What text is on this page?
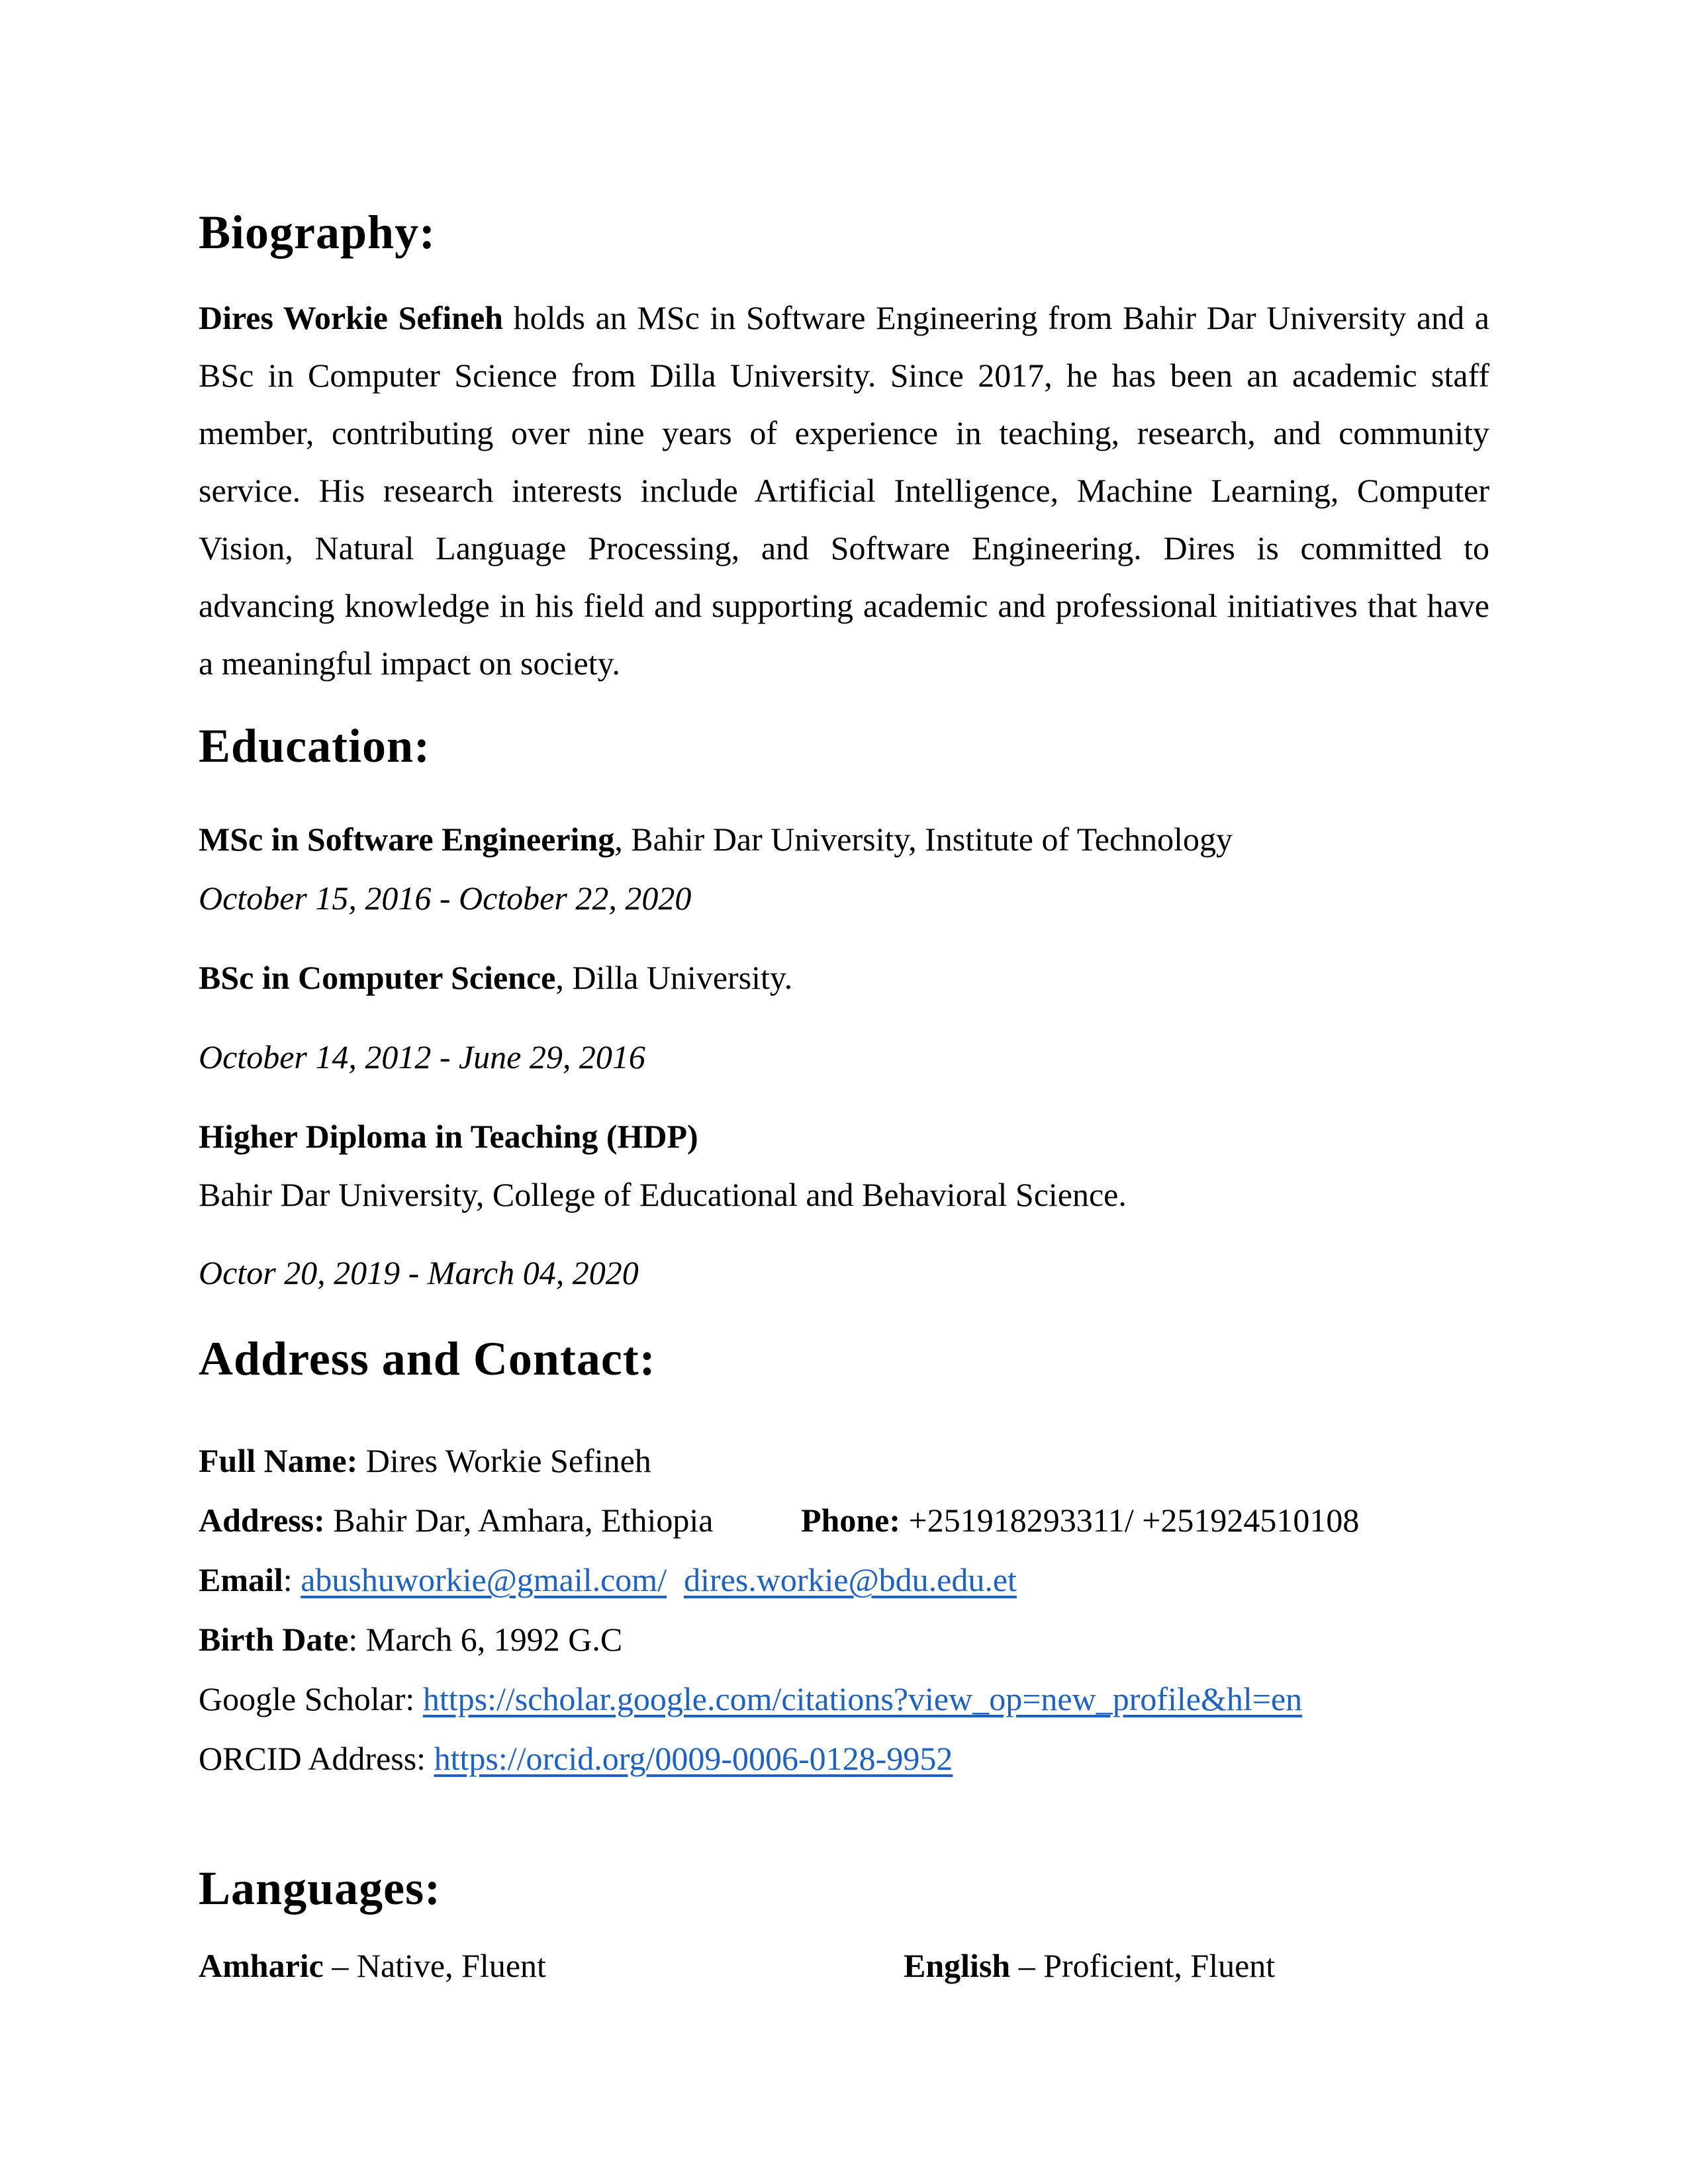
Biography:

Dires Workie Sefineh holds an MSc in Software Engineering from Bahir Dar University and a BSc in Computer Science from Dilla University. Since 2017, he has been an academic staff member, contributing over nine years of experience in teaching, research, and community service. His research interests include Artificial Intelligence, Machine Learning, Computer Vision, Natural Language Processing, and Software Engineering. Dires is committed to advancing knowledge in his field and supporting academic and professional initiatives that have a meaningful impact on society.

Education:

MSc in Software Engineering, Bahir Dar University, Institute of Technology

October 15, 2016 - October 22, 2020

BSc in Computer Science, Dilla University.

October 14, 2012 - June 29, 2016

Higher Diploma in Teaching (HDP)

Bahir Dar University, College of Educational and Behavioral Science.

Octor 20, 2019 - March 04, 2020

Address and Contact:

Full Name: Dires Workie Sefineh

Address: Bahir Dar, Amhara, Ethiopia	Phone: +251918293311/ +251924510108

Email: abushuworkie@gmail.com/ dires.workie@bdu.edu.et

Birth Date: March 6, 1992 G.C

Google Scholar: https://scholar.google.com/citations?view_op=new_profile&hl=en

ORCID Address: https://orcid.org/0009-0006-0128-9952

Languages:

Amharic – Native, Fluent	English – Proficient, Fluent
